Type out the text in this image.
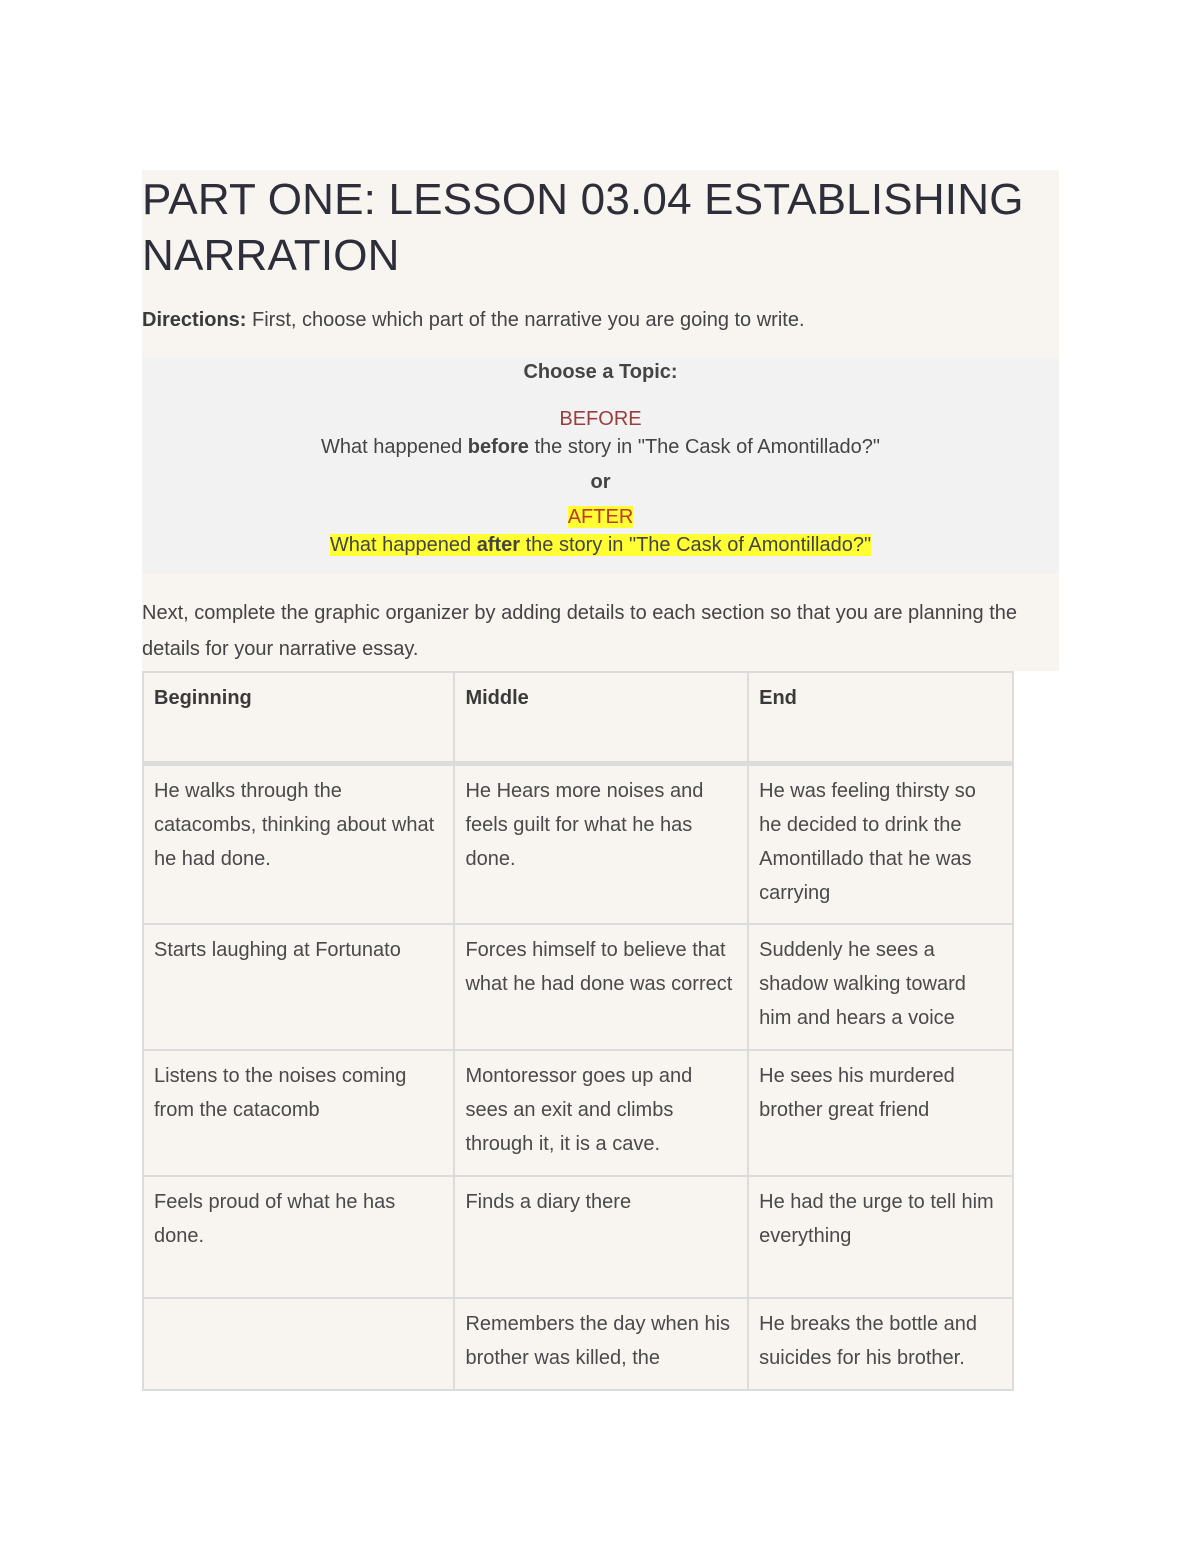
PART ONE: LESSON 03.04 ESTABLISHING NARRATION

Directions: First, choose which part of the narrative you are going to write.

Choose a Topic:
BEFORE
What happened before the story in "The Cask of Amontillado?"
or
AFTER
What happened after the story in "The Cask of Amontillado?"
Next, complete the graphic organizer by adding details to each section so that you are planning the details for your narrative essay.
Beginning	Middle	End
He walks through the catacombs, thinking about what he had done.	He Hears more noises and feels guilt for what he has done.	He was feeling thirsty so he decided to drink the Amontillado that he was carrying
Starts laughing at Fortunato	Forces himself to believe that what he had done was correct	Suddenly he sees a shadow walking toward him and hears a voice
Listens to the noises coming from the catacomb	Montoressor goes up and sees an exit and climbs through it, it is a cave.	He sees his murdered brother great friend
Feels proud of what he has done.	Finds a diary there	He had the urge to tell him everything
	Remembers the day when his brother was killed, the	He breaks the bottle and suicides for his brother.
